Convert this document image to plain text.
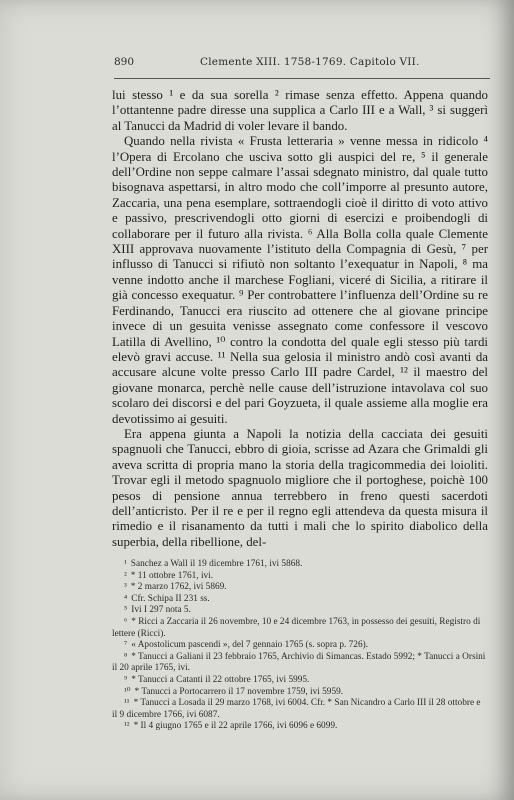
890	Clemente XIII. 1758-1769. Capitolo VII.

lui stesso ¹ e da sua sorella ² rimase senza effetto. Appena quando l’ottantenne padre diresse una supplica a Carlo III e a Wall, ³ si suggerì al Tanucci da Madrid di voler levare il bando.

Quando nella rivista « Frusta letteraria » venne messa in ridicolo ⁴ l’Opera di Ercolano che usciva sotto gli auspici del re, ⁵ il generale dell’Ordine non seppe calmare l’assai sdegnato ministro, dal quale tutto bisognava aspettarsi, in altro modo che coll’imporre al presunto autore, Zaccaria, una pena esemplare, sottraendogli cioè il diritto di voto attivo e passivo, prescrivendogli otto giorni di esercizi e proibendogli di collaborare per il futuro alla rivista. ⁶ Alla Bolla colla quale Clemente XIII approvava nuovamente l’istituto della Compagnia di Gesù, ⁷ per influsso di Tanucci si rifiutò non soltanto l’exequatur in Napoli, ⁸ ma venne indotto anche il marchese Fogliani, viceré di Sicilia, a ritirare il già concesso exequatur. ⁹ Per controbattere l’influenza dell’Ordine su re Ferdinando, Tanucci era riuscito ad ottenere che al giovane principe invece di un gesuita venisse assegnato come confessore il vescovo Latilla di Avellino, ¹⁰ contro la condotta del quale egli stesso più tardi elevò gravi accuse. ¹¹ Nella sua gelosia il ministro andò così avanti da accusare alcune volte presso Carlo III padre Cardel, ¹² il maestro del giovane monarca, perchè nelle cause dell’istruzione intavolava col suo scolaro dei discorsi e del pari Goyzueta, il quale assieme alla moglie era devotissimo ai gesuiti.

Era appena giunta a Napoli la notizia della cacciata dei gesuiti spagnuoli che Tanucci, ebbro di gioia, scrisse ad Azara che Grimaldi gli aveva scritta di propria mano la storia della tragicommedia dei loioliti. Trovar egli il metodo spagnuolo migliore che il portoghese, poichè 100 pesos di pensione annua terrebbero in freno questi sacerdoti dell’anticristo. Per il re e per il regno egli attendeva da questa misura il rimedio e il risanamento da tutti i mali che lo spirito diabolico della superbia, della ribellione, del-

¹ Sanchez a Wall il 19 dicembre 1761, ivi 5868.
² * 11 ottobre 1761, ivi.
³ * 2 marzo 1762, ivi 5869.
⁴ Cfr. Schipa II 231 ss.
⁵ Ivi I 297 nota 5.
⁶ * Ricci a Zaccaria il 26 novembre, 10 e 24 dicembre 1763, in possesso dei gesuiti, Registro di lettere (Ricci).
⁷ « Apostolicum pascendi », del 7 gennaio 1765 (s. sopra p. 726).
⁸ * Tanucci a Galiani il 23 febbraio 1765, Archivio di Simancas. Estado 5992; * Tanucci a Orsini il 20 aprile 1765, ivi.
⁹ * Tanucci a Catanti il 22 ottobre 1765, ivi 5995.
¹⁰ * Tanucci a Portocarrero il 17 novembre 1759, ivi 5959.
¹¹ * Tanucci a Losada il 29 marzo 1768, ivi 6004. Cfr. * San Nicandro a Carlo III il 28 ottobre e il 9 dicembre 1766, ivi 6087.
¹² * Il 4 giugno 1765 e il 22 aprile 1766, ivi 6096 e 6099.
